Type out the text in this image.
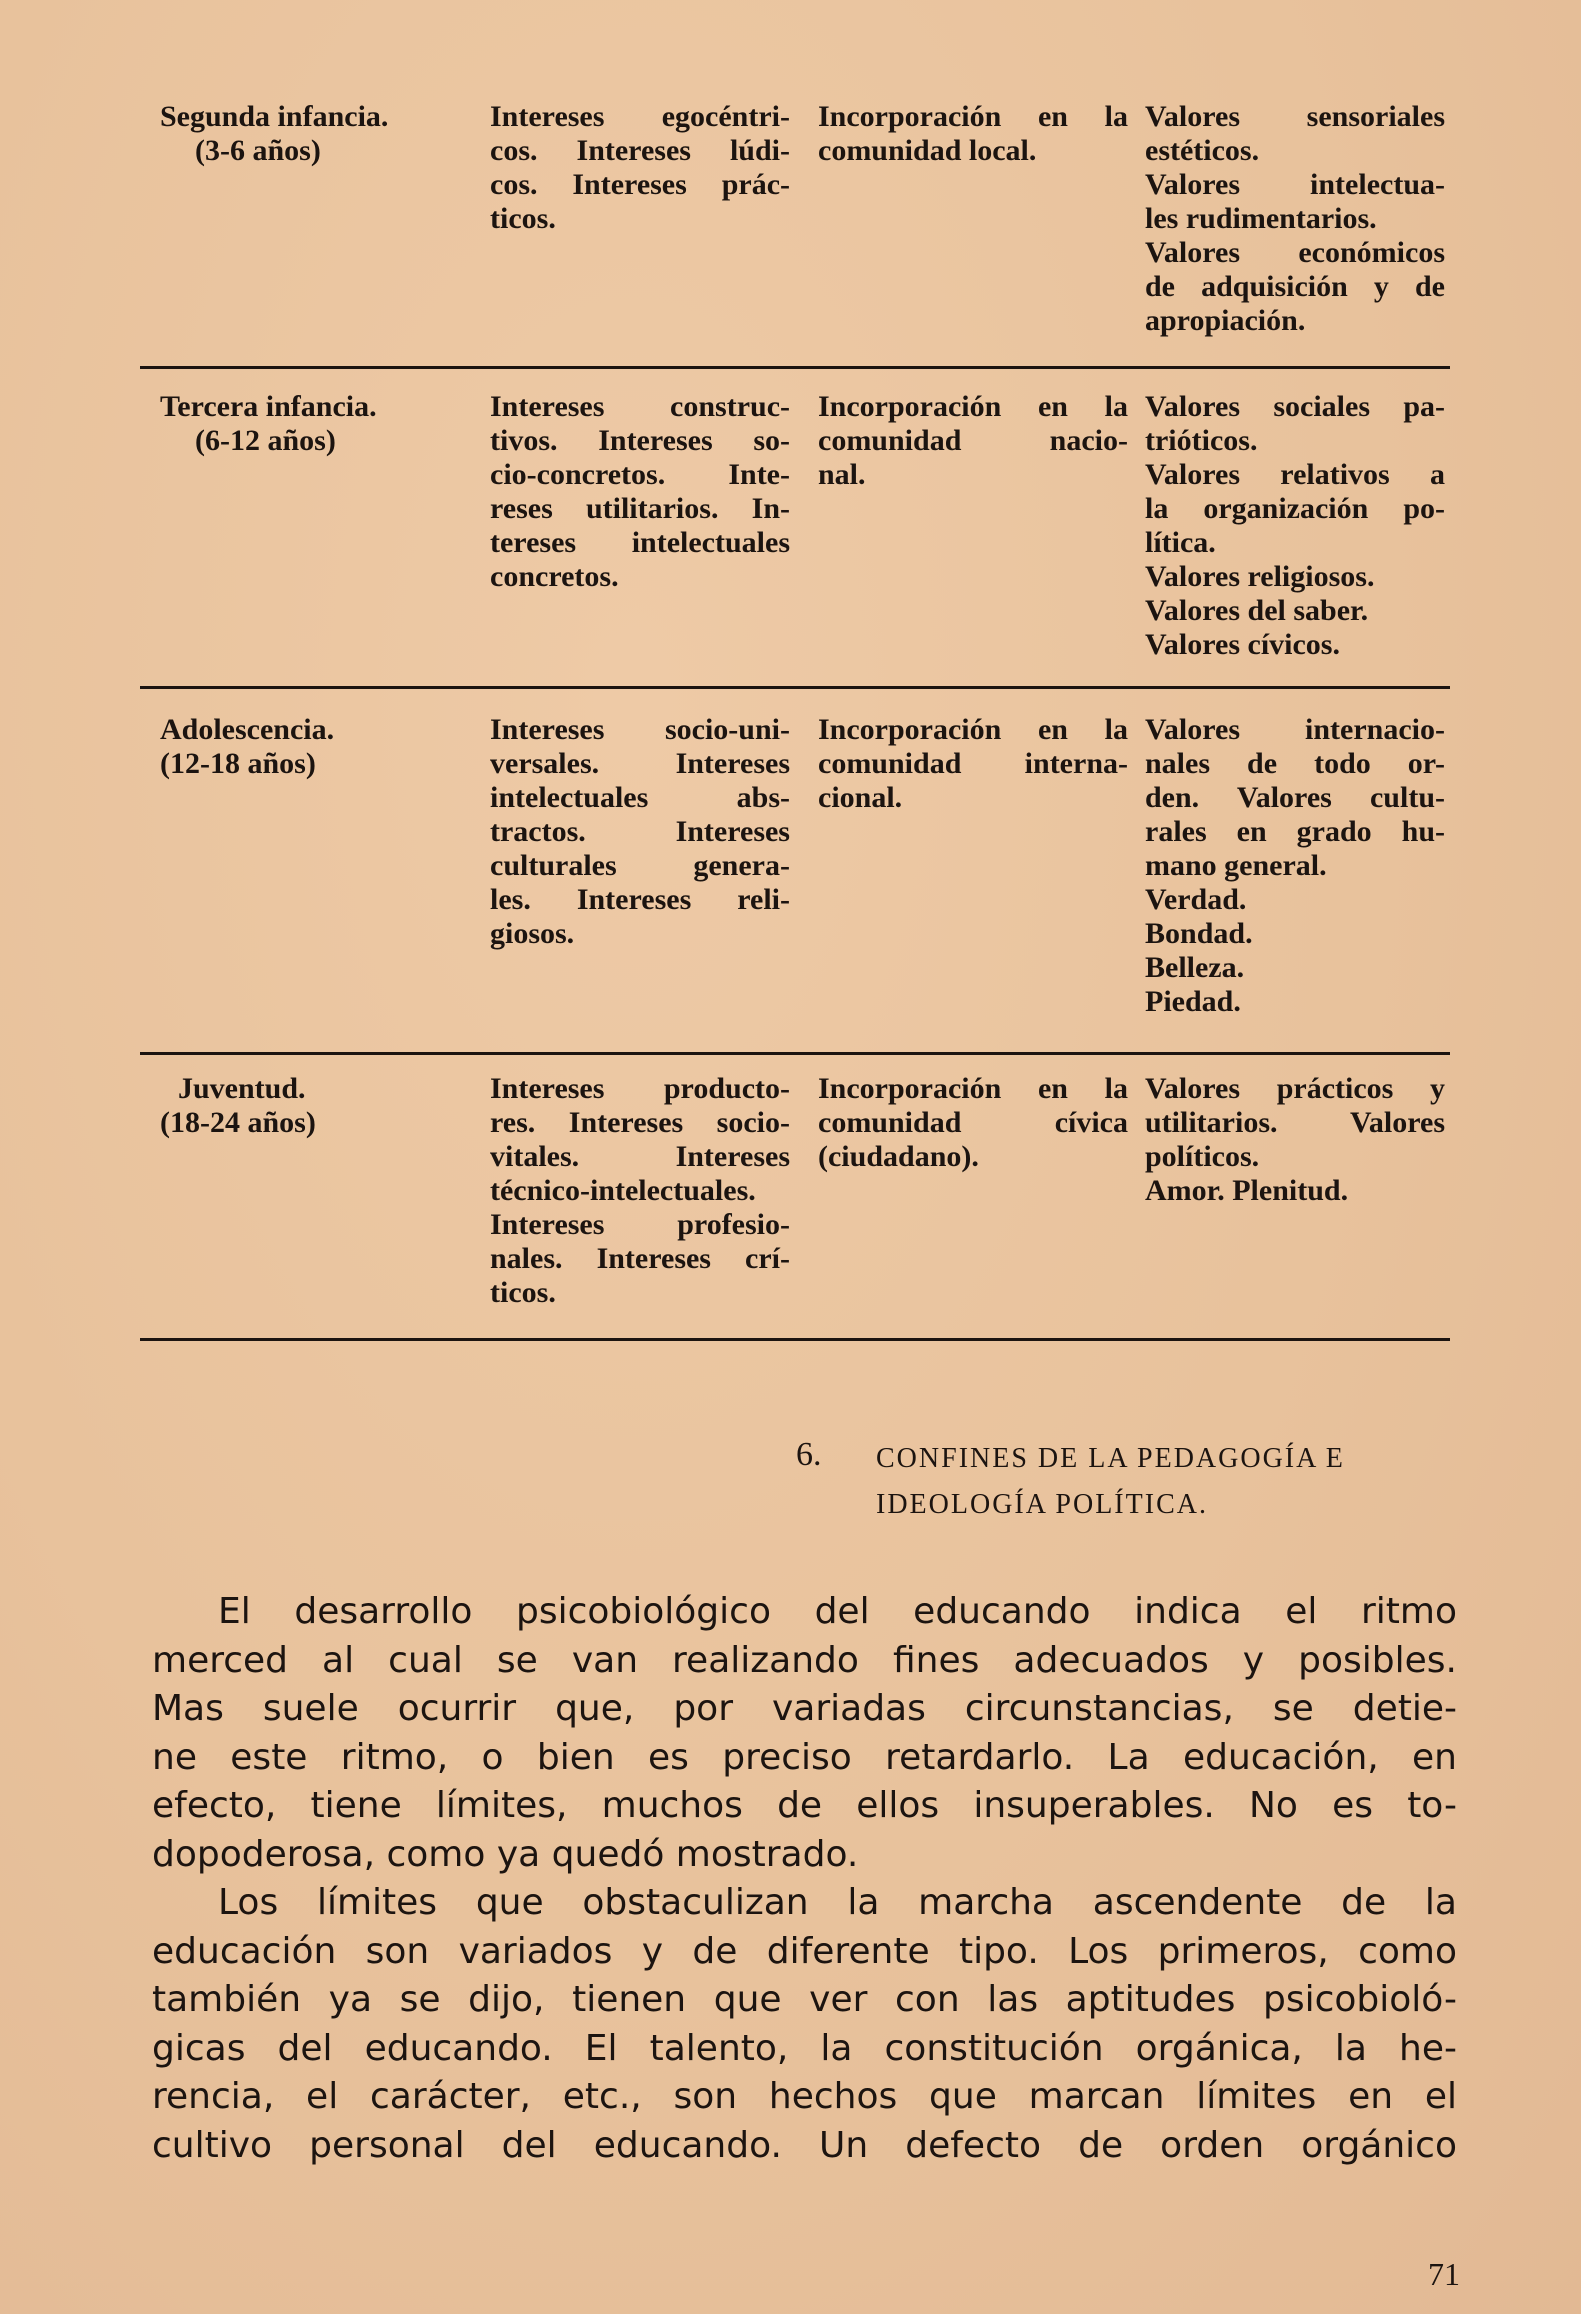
Segunda infancia.
(3-6 años)
Intereses egocéntri-
cos. Intereses lúdi-
cos. Intereses prác-
ticos.
Incorporación en la
comunidad local.
Valores sensoriales
estéticos.
Valores intelectua-
les rudimentarios.
Valores económicos
de adquisición y de
apropiación.
Tercera infancia.
(6-12 años)
Intereses construc-
tivos. Intereses so-
cio-concretos. Inte-
reses utilitarios. In-
tereses intelectuales
concretos.
Incorporación en la
comunidad nacio-
nal.
Valores sociales pa-
trióticos.
Valores relativos a
la organización po-
lítica.
Valores religiosos.
Valores del saber.
Valores cívicos.
Adolescencia.
(12-18 años)
Intereses socio-uni-
versales. Intereses
intelectuales abs-
tractos. Intereses
culturales genera-
les. Intereses reli-
giosos.
Incorporación en la
comunidad interna-
cional.
Valores internacio-
nales de todo or-
den. Valores cultu-
rales en grado hu-
mano general.
Verdad.
Bondad.
Belleza.
Piedad.
Juventud.
(18-24 años)
Intereses producto-
res. Intereses socio-
vitales. Intereses
técnico-intelectuales.
Intereses profesio-
nales. Intereses crí-
ticos.
Incorporación en la
comunidad cívica
(ciudadano).
Valores prácticos y
utilitarios. Valores
políticos.
Amor. Plenitud.
6. CONFINES DE LA PEDAGOGÍA E
IDEOLOGÍA POLÍTICA.
El desarrollo psicobiológico del educando indica el ritmo
merced al cual se van realizando fines adecuados y posibles.
Mas suele ocurrir que, por variadas circunstancias, se detie-
ne este ritmo, o bien es preciso retardarlo. La educación, en
efecto, tiene límites, muchos de ellos insuperables. No es to-
dopoderosa, como ya quedó mostrado.
Los límites que obstaculizan la marcha ascendente de la
educación son variados y de diferente tipo. Los primeros, como
también ya se dijo, tienen que ver con las aptitudes psicobioló-
gicas del educando. El talento, la constitución orgánica, la he-
rencia, el carácter, etc., son hechos que marcan límites en el
cultivo personal del educando. Un defecto de orden orgánico
71
